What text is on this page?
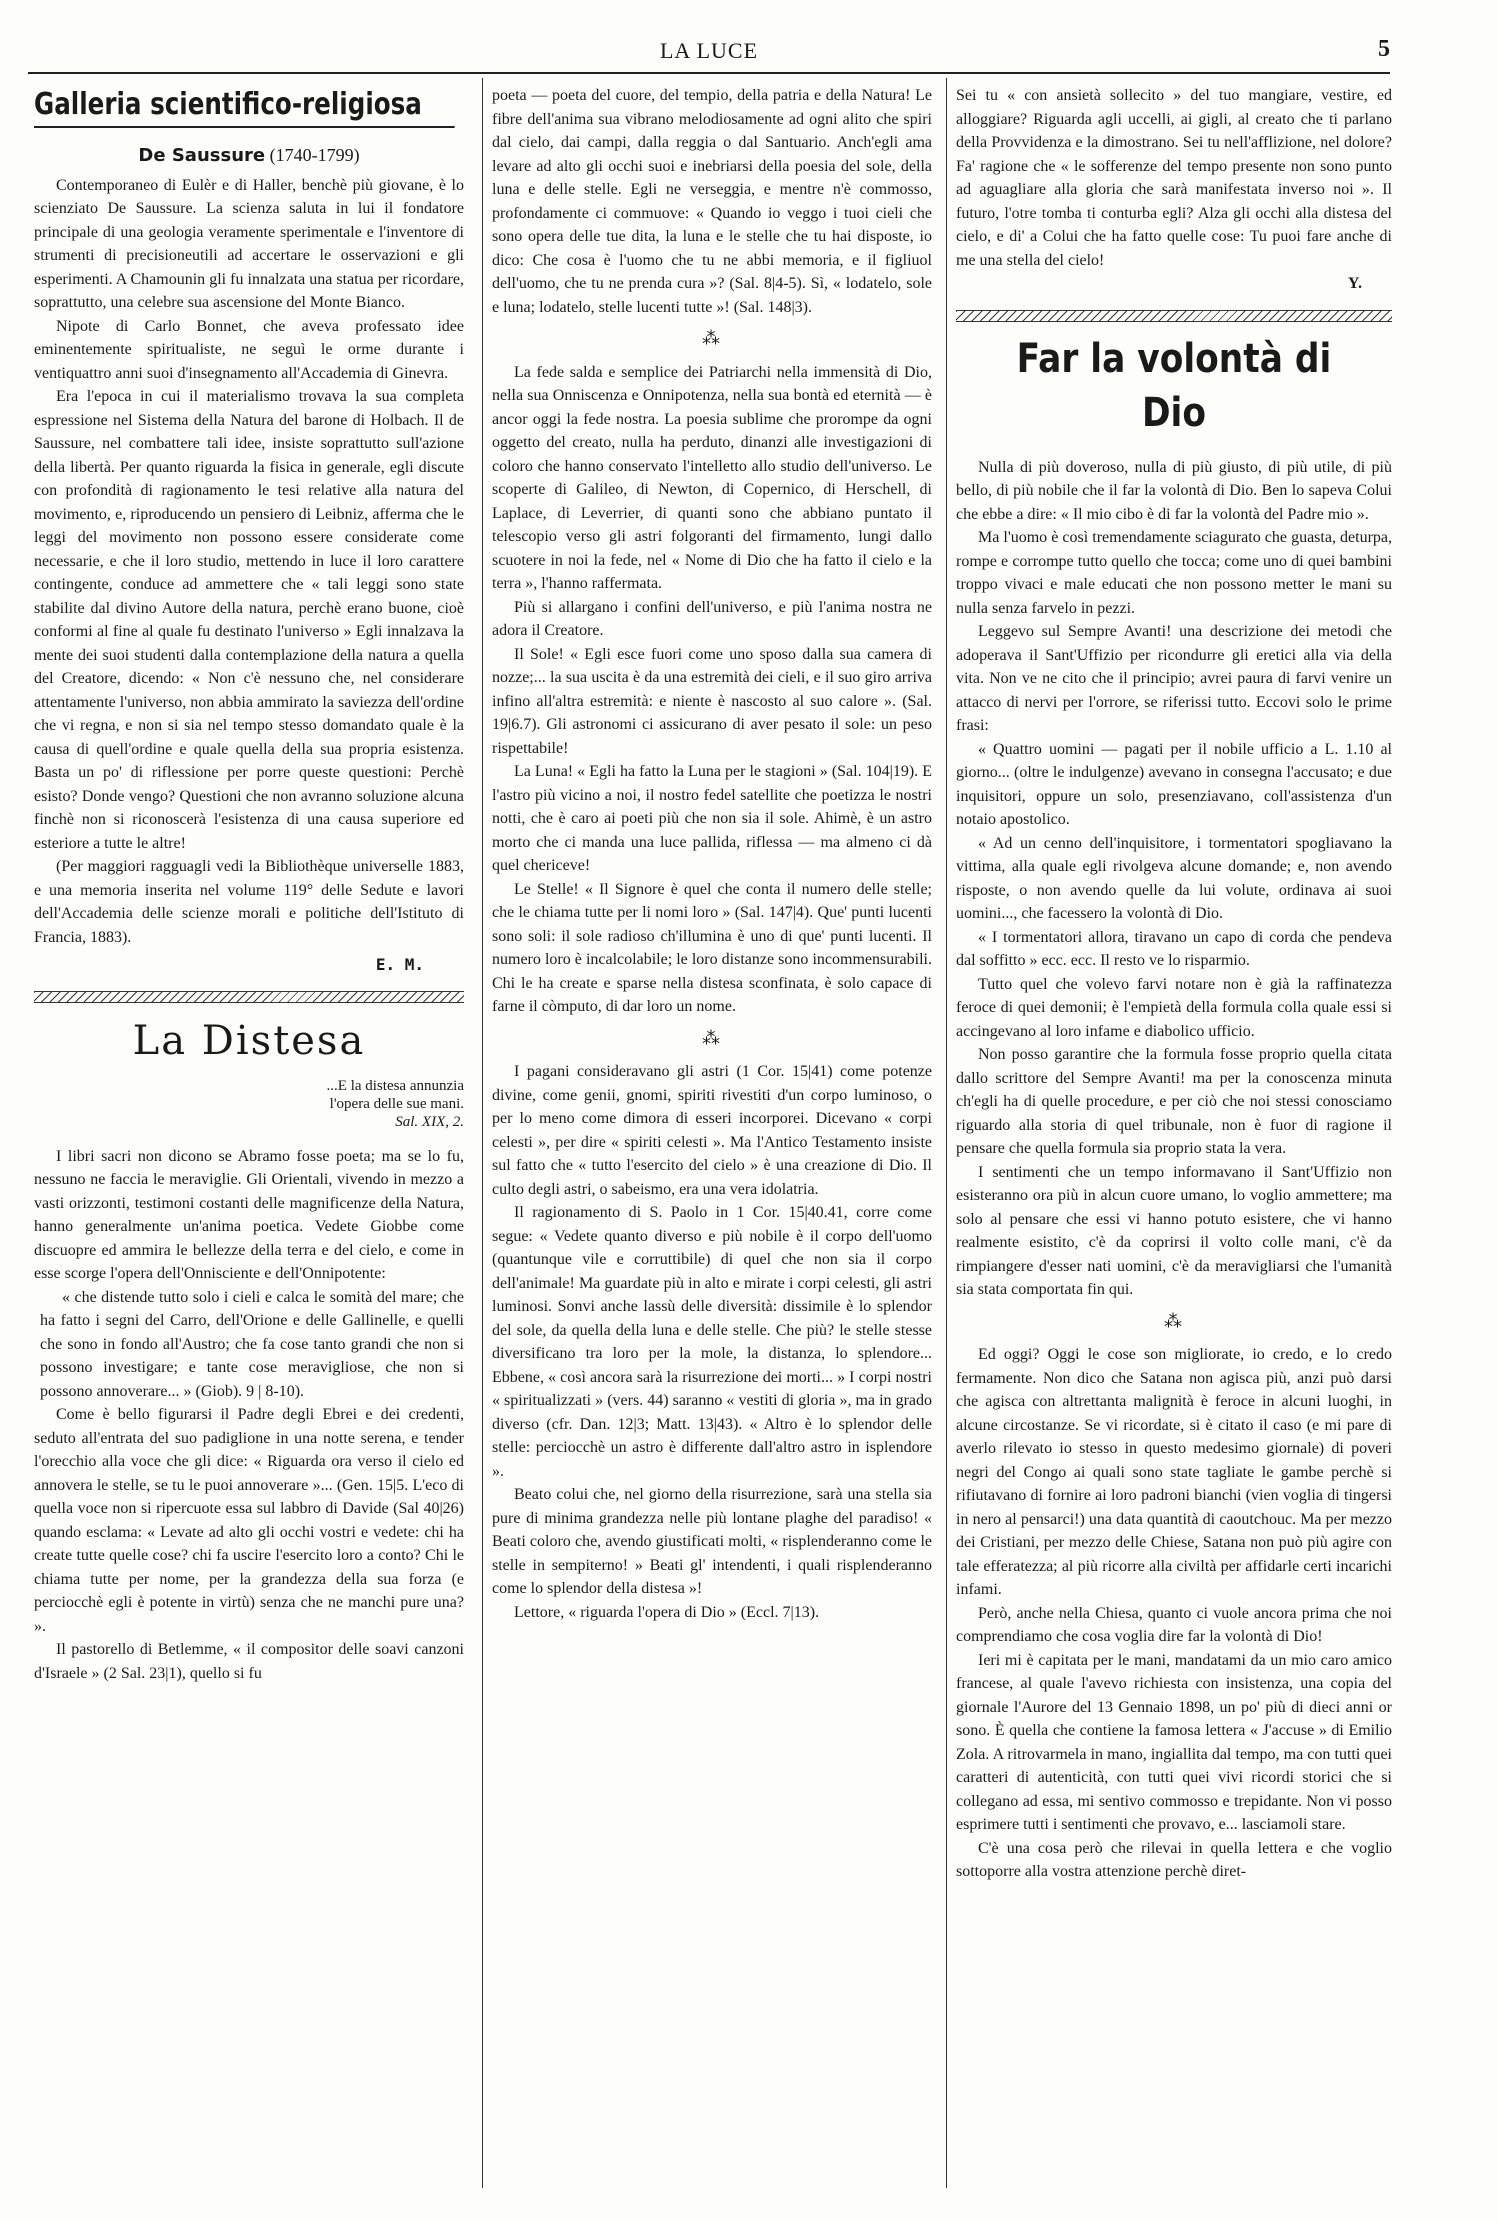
LA LUCE	5
Galleria scientifico-religiosa
De Saussure (1740-1799)

Contemporaneo di Eulèr e di Haller, benchè più giovane, è lo scienziato De Saussure. La scienza saluta in lui il fondatore principale di una geologia veramente sperimentale e l'inventore di strumenti di precisioneutili ad accertare le osservazioni e gli esperimenti. A Chamounin gli fu innalzata una statua per ricordare, soprattutto, una celebre sua ascensione del Monte Bianco.

Nipote di Carlo Bonnet, che aveva professato idee eminentemente spiritualiste, ne seguì le orme durante i ventiquattro anni suoi d'insegnamento all'Accademia di Ginevra.

Era l'epoca in cui il materialismo trovava la sua completa espressione nel Sistema della Natura del barone di Holbach. Il de Saussure, nel combattere tali idee, insiste soprattutto sull'azione della libertà. Per quanto riguarda la fisica in generale, egli discute con profondità di ragionamento le tesi relative alla natura del movimento, e, riproducendo un pensiero di Leibniz, afferma che le leggi del movimento non possono essere considerate come necessarie, e che il loro studio, mettendo in luce il loro carattere contingente, conduce ad ammettere che « tali leggi sono state stabilite dal divino Autore della natura, perchè erano buone, cioè conformi al fine al quale fu destinato l'universo » Egli innalzava la mente dei suoi studenti dalla contemplazione della natura a quella del Creatore, dicendo: « Non c'è nessuno che, nel considerare attentamente l'universo, non abbia ammirato la saviezza dell'ordine che vi regna, e non si sia nel tempo stesso domandato quale è la causa di quell'ordine e quale quella della sua propria esistenza. Basta un po' di riflessione per porre queste questioni: Perchè esisto? Donde vengo? Questioni che non avranno soluzione alcuna finchè non si riconoscerà l'esistenza di una causa superiore ed esteriore a tutte le altre!

(Per maggiori ragguagli vedi la Bibliothèque universelle 1883, e una memoria inserita nel volume 119° delle Sedute e lavori dell'Accademia delle scienze morali e politiche dell'Istituto di Francia, 1883).

E. M.
La Distesa
...E la distesa annunzia
l'opera delle sue mani.
Sal. XIX, 2.

I libri sacri non dicono se Abramo fosse poeta; ma se lo fu, nessuno ne faccia le meraviglie. Gli Orientali, vivendo in mezzo a vasti orizzonti, testimoni costanti delle magnificenze della Natura, hanno generalmente un'anima poetica. Vedete Giobbe come discuopre ed ammira le bellezze della terra e del cielo, e come in esse scorge l'opera dell'Onnisciente e dell'Onnipotente:

« che distende tutto solo i cieli e calca le somità del mare; che ha fatto i segni del Carro, dell'Orione e delle Gallinelle, e quelli che sono in fondo all'Austro; che fa cose tanto grandi che non si possono investigare; e tante cose meravigliose, che non si possono annoverare... » (Giob). 9 | 8-10).

Come è bello figurarsi il Padre degli Ebrei e dei credenti, seduto all'entrata del suo padiglione in una notte serena, e tender l'orecchio alla voce che gli dice: « Riguarda ora verso il cielo ed annovera le stelle, se tu le puoi annoverare »... (Gen. 15|5. L'eco di quella voce non si ripercuote essa sul labbro di Davide (Sal 40|26) quando esclama: « Levate ad alto gli occhi vostri e vedete: chi ha create tutte quelle cose? chi fa uscire l'esercito loro a conto? Chi le chiama tutte per nome, per la grandezza della sua forza (e perciocchè egli è potente in virtù) senza che ne manchi pure una? ».

Il pastorello di Betlemme, « il compositor delle soavi canzoni d'Israele » (2 Sal. 23|1), quello si fu

poeta — poeta del cuore, del tempio, della patria e della Natura! Le fibre dell'anima sua vibrano melodiosamente ad ogni alito che spiri dal cielo, dai campi, dalla reggia o dal Santuario. Anch'egli ama levare ad alto gli occhi suoi e inebriarsi della poesia del sole, della luna e delle stelle. Egli ne verseggia, e mentre n'è commosso, profondamente ci commuove: « Quando io veggo i tuoi cieli che sono opera delle tue dita, la luna e le stelle che tu hai disposte, io dico: Che cosa è l'uomo che tu ne abbi memoria, e il figliuol dell'uomo, che tu ne prenda cura »? (Sal. 8|4-5). Sì, « lodatelo, sole e luna; lodatelo, stelle lucenti tutte »! (Sal. 148|3).

⁂

La fede salda e semplice dei Patriarchi nella immensità di Dio, nella sua Onniscenza e Onnipotenza, nella sua bontà ed eternità — è ancor oggi la fede nostra. La poesia sublime che prorompe da ogni oggetto del creato, nulla ha perduto, dinanzi alle investigazioni di coloro che hanno conservato l'intelletto allo studio dell'universo. Le scoperte di Galileo, di Newton, di Copernico, di Herschell, di Laplace, di Leverrier, di quanti sono che abbiano puntato il telescopio verso gli astri folgoranti del firmamento, lungi dallo scuotere in noi la fede, nel « Nome di Dio che ha fatto il cielo e la terra », l'hanno raffermata.

Più si allargano i confini dell'universo, e più l'anima nostra ne adora il Creatore.

Il Sole! « Egli esce fuori come uno sposo dalla sua camera di nozze;... la sua uscita è da una estremità dei cieli, e il suo giro arriva infino all'altra estremità: e niente è nascosto al suo calore ». (Sal. 19|6.7). Gli astronomi ci assicurano di aver pesato il sole: un peso rispettabile!

La Luna! « Egli ha fatto la Luna per le stagioni » (Sal. 104|19). E l'astro più vicino a noi, il nostro fedel satellite che poetizza le nostri notti, che è caro ai poeti più che non sia il sole. Ahimè, è un astro morto che ci manda una luce pallida, riflessa — ma almeno ci dà quel chericeve!

Le Stelle! « Il Signore è quel che conta il numero delle stelle; che le chiama tutte per li nomi loro » (Sal. 147|4). Que' punti lucenti sono soli: il sole radioso ch'illumina è uno di que' punti lucenti. Il numero loro è incalcolabile; le loro distanze sono incommensurabili. Chi le ha create e sparse nella distesa sconfinata, è solo capace di farne il còmputo, di dar loro un nome.

⁂

I pagani consideravano gli astri (1 Cor. 15|41) come potenze divine, come genii, gnomi, spiriti rivestiti d'un corpo luminoso, o per lo meno come dimora di esseri incorporei. Dicevano « corpi celesti », per dire « spiriti celesti ». Ma l'Antico Testamento insiste sul fatto che « tutto l'esercito del cielo » è una creazione di Dio. Il culto degli astri, o sabeismo, era una vera idolatria.

Il ragionamento di S. Paolo in 1 Cor. 15|40.41, corre come segue: « Vedete quanto diverso e più nobile è il corpo dell'uomo (quantunque vile e corruttibile) di quel che non sia il corpo dell'animale! Ma guardate più in alto e mirate i corpi celesti, gli astri luminosi. Sonvi anche lassù delle diversità: dissimile è lo splendor del sole, da quella della luna e delle stelle. Che più? le stelle stesse diversificano tra loro per la mole, la distanza, lo splendore... Ebbene, « così ancora sarà la risurrezione dei morti... » I corpi nostri « spiritualizzati » (vers. 44) saranno « vestiti di gloria », ma in grado diverso (cfr. Dan. 12|3; Matt. 13|43). « Altro è lo splendor delle stelle: perciocchè un astro è differente dall'altro astro in isplendore ».

Beato colui che, nel giorno della risurrezione, sarà una stella sia pure di minima grandezza nelle più lontane plaghe del paradiso! « Beati coloro che, avendo giustificati molti, « risplenderanno come le stelle in sempiterno! » Beati gl' intendenti, i quali risplenderanno come lo splendor della distesa »!

Lettore, « riguarda l'opera di Dio » (Eccl. 7|13).

Sei tu « con ansietà sollecito » del tuo mangiare, vestire, ed alloggiare? Riguarda agli uccelli, ai gigli, al creato che ti parlano della Provvidenza e la dimostrano. Sei tu nell'afflizione, nel dolore? Fa' ragione che « le sofferenze del tempo presente non sono punto ad aguagliare alla gloria che sarà manifestata inverso noi ». Il futuro, l'otre tomba ti conturba egli? Alza gli occhi alla distesa del cielo, e di' a Colui che ha fatto quelle cose: Tu puoi fare anche di me una stella del cielo!

Y.
Far la volontà di Dio

Nulla di più doveroso, nulla di più giusto, di più utile, di più bello, di più nobile che il far la volontà di Dio. Ben lo sapeva Colui che ebbe a dire: « Il mio cibo è di far la volontà del Padre mio ».

Ma l'uomo è così tremendamente sciagurato che guasta, deturpa, rompe e corrompe tutto quello che tocca; come uno di quei bambini troppo vivaci e male educati che non possono metter le mani su nulla senza farvelo in pezzi.

Leggevo sul Sempre Avanti! una descrizione dei metodi che adoperava il Sant'Uffizio per ricondurre gli eretici alla via della vita. Non ve ne cito che il principio; avrei paura di farvi venire un attacco di nervi per l'orrore, se riferissi tutto. Eccovi solo le prime frasi:

« Quattro uomini — pagati per il nobile ufficio a L. 1.10 al giorno... (oltre le indulgenze) avevano in consegna l'accusato; e due inquisitori, oppure un solo, presenziavano, coll'assistenza d'un notaio apostolico.

« Ad un cenno dell'inquisitore, i tormentatori spogliavano la vittima, alla quale egli rivolgeva alcune domande; e, non avendo risposte, o non avendo quelle da lui volute, ordinava ai suoi uomini..., che facessero la volontà di Dio.

« I tormentatori allora, tiravano un capo di corda che pendeva dal soffitto » ecc. ecc. Il resto ve lo risparmio.

Tutto quel che volevo farvi notare non è già la raffinatezza feroce di quei demonii; è l'empietà della formula colla quale essi si accingevano al loro infame e diabolico ufficio.

Non posso garantire che la formula fosse proprio quella citata dallo scrittore del Sempre Avanti! ma per la conoscenza minuta ch'egli ha di quelle procedure, e per ciò che noi stessi conosciamo riguardo alla storia di quel tribunale, non è fuor di ragione il pensare che quella formula sia proprio stata la vera.

I sentimenti che un tempo informavano il Sant'Uffizio non esisteranno ora più in alcun cuore umano, lo voglio ammettere; ma solo al pensare che essi vi hanno potuto esistere, che vi hanno realmente esistito, c'è da coprirsi il volto colle mani, c'è da rimpiangere d'esser nati uomini, c'è da meravigliarsi che l'umanità sia stata comportata fin qui.

⁂

Ed oggi? Oggi le cose son migliorate, io credo, e lo credo fermamente. Non dico che Satana non agisca più, anzi può darsi che agisca con altrettanta malignità è feroce in alcuni luoghi, in alcune circostanze. Se vi ricordate, si è citato il caso (e mi pare di averlo rilevato io stesso in questo medesimo giornale) di poveri negri del Congo ai quali sono state tagliate le gambe perchè si rifiutavano di fornire ai loro padroni bianchi (vien voglia di tingersi in nero al pensarci!) una data quantità di caoutchouc. Ma per mezzo dei Cristiani, per mezzo delle Chiese, Satana non può più agire con tale efferatezza; al più ricorre alla civiltà per affidarle certi incarichi infami.

Però, anche nella Chiesa, quanto ci vuole ancora prima che noi comprendiamo che cosa voglia dire far la volontà di Dio!

Ieri mi è capitata per le mani, mandatami da un mio caro amico francese, al quale l'avevo richiesta con insistenza, una copia del giornale l'Aurore del 13 Gennaio 1898, un po' più di dieci anni or sono. È quella che contiene la famosa lettera « J'accuse » di Emilio Zola. A ritrovarmela in mano, ingiallita dal tempo, ma con tutti quei caratteri di autenticità, con tutti quei vivi ricordi storici che si collegano ad essa, mi sentivo commosso e trepidante. Non vi posso esprimere tutti i sentimenti che provavo, e... lasciamoli stare.

C'è una cosa però che rilevai in quella lettera e che voglio sottoporre alla vostra attenzione perchè diret-
